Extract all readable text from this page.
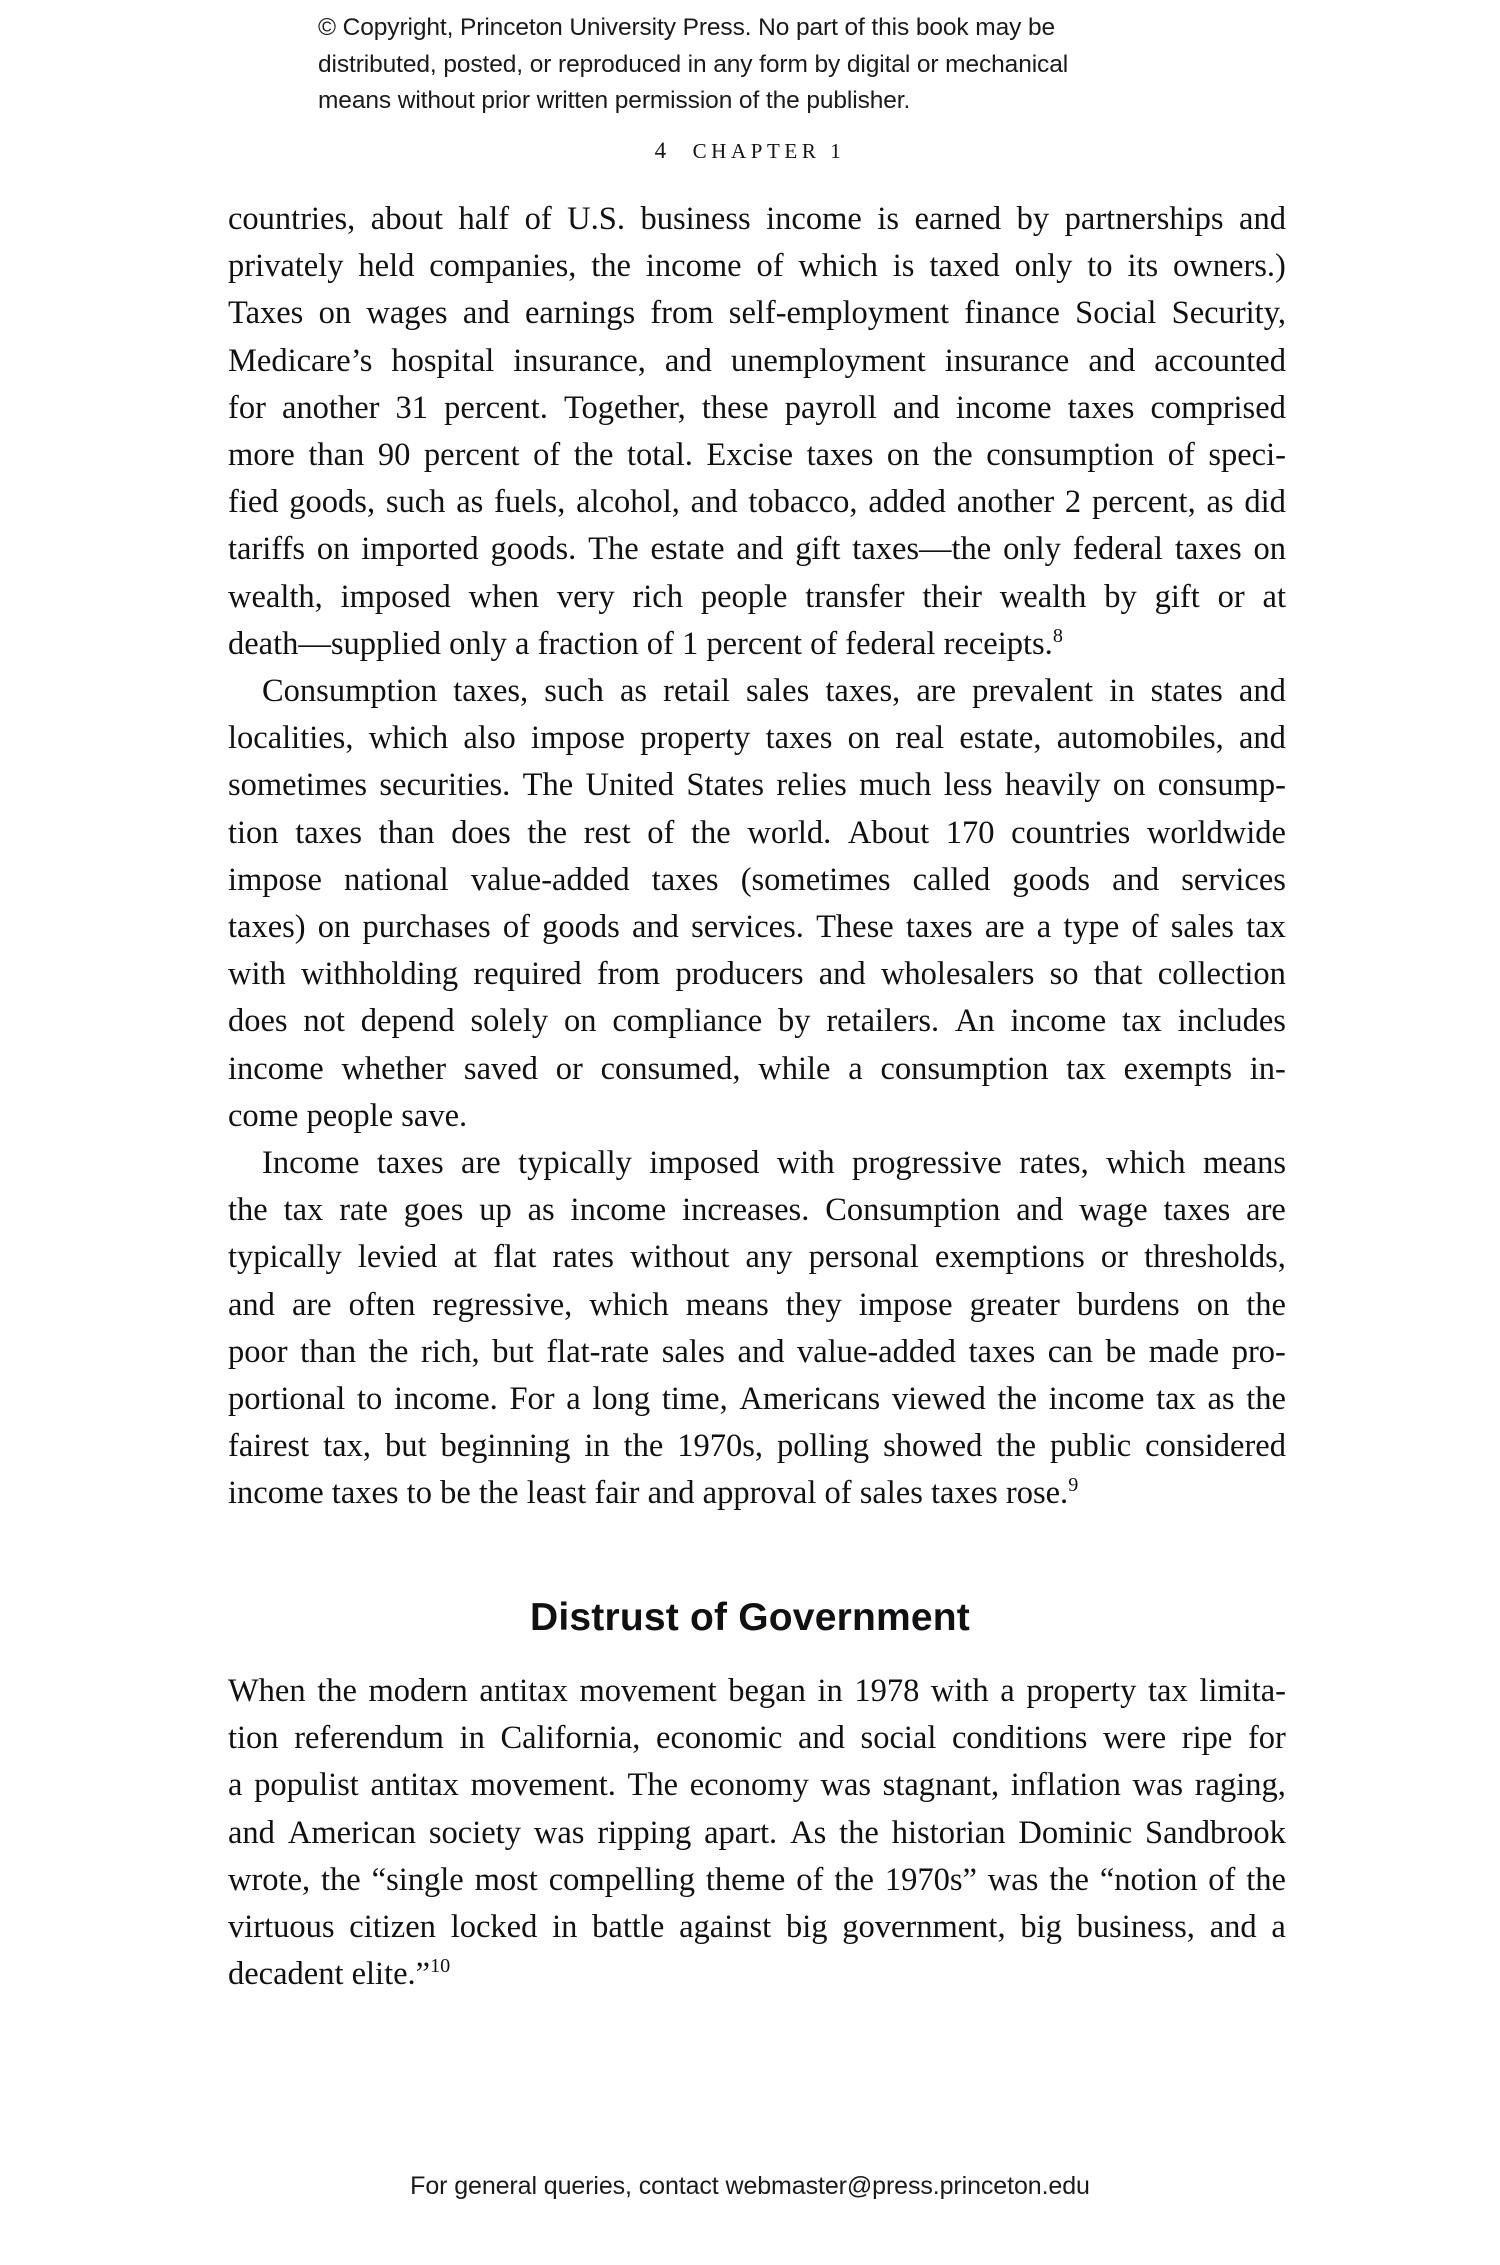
© Copyright, Princeton University Press. No part of this book may be
distributed, posted, or reproduced in any form by digital or mechanical
means without prior written permission of the publisher.
4 CHAPTER 1

countries, about half of U.S. business income is earned by partnerships and
privately held companies, the income of which is taxed only to its owners.)
Taxes on wages and earnings from self-employment finance Social Security,
Medicare’s hospital insurance, and unemployment insurance and accounted
for another 31 percent. Together, these payroll and income taxes comprised
more than 90 percent of the total. Excise taxes on the consumption of speci-
fied goods, such as fuels, alcohol, and tobacco, added another 2 percent, as did
tariffs on imported goods. The estate and gift taxes—the only federal taxes on
wealth, imposed when very rich people transfer their wealth by gift or at
death—supplied only a fraction of 1 percent of federal receipts.$^8$

Consumption taxes, such as retail sales taxes, are prevalent in states and
localities, which also impose property taxes on real estate, automobiles, and
sometimes securities. The United States relies much less heavily on consump-
tion taxes than does the rest of the world. About 170 countries worldwide
impose national value-added taxes (sometimes called goods and services
taxes) on purchases of goods and services. These taxes are a type of sales tax
with withholding required from producers and wholesalers so that collection
does not depend solely on compliance by retailers. An income tax includes
income whether saved or consumed, while a consumption tax exempts in-
come people save.

Income taxes are typically imposed with progressive rates, which means
the tax rate goes up as income increases. Consumption and wage taxes are
typically levied at flat rates without any personal exemptions or thresholds,
and are often regressive, which means they impose greater burdens on the
poor than the rich, but flat-rate sales and value-added taxes can be made pro-
portional to income. For a long time, Americans viewed the income tax as the
fairest tax, but beginning in the 1970s, polling showed the public considered
income taxes to be the least fair and approval of sales taxes rose.$^9$

Distrust of Government

When the modern antitax movement began in 1978 with a property tax limita-
tion referendum in California, economic and social conditions were ripe for
a populist antitax movement. The economy was stagnant, inflation was raging,
and American society was ripping apart. As the historian Dominic Sandbrook
wrote, the “single most compelling theme of the 1970s” was the “notion of the
virtuous citizen locked in battle against big government, big business, and a
decadent elite.”$^{10}$

For general queries, contact webmaster@press.princeton.edu
